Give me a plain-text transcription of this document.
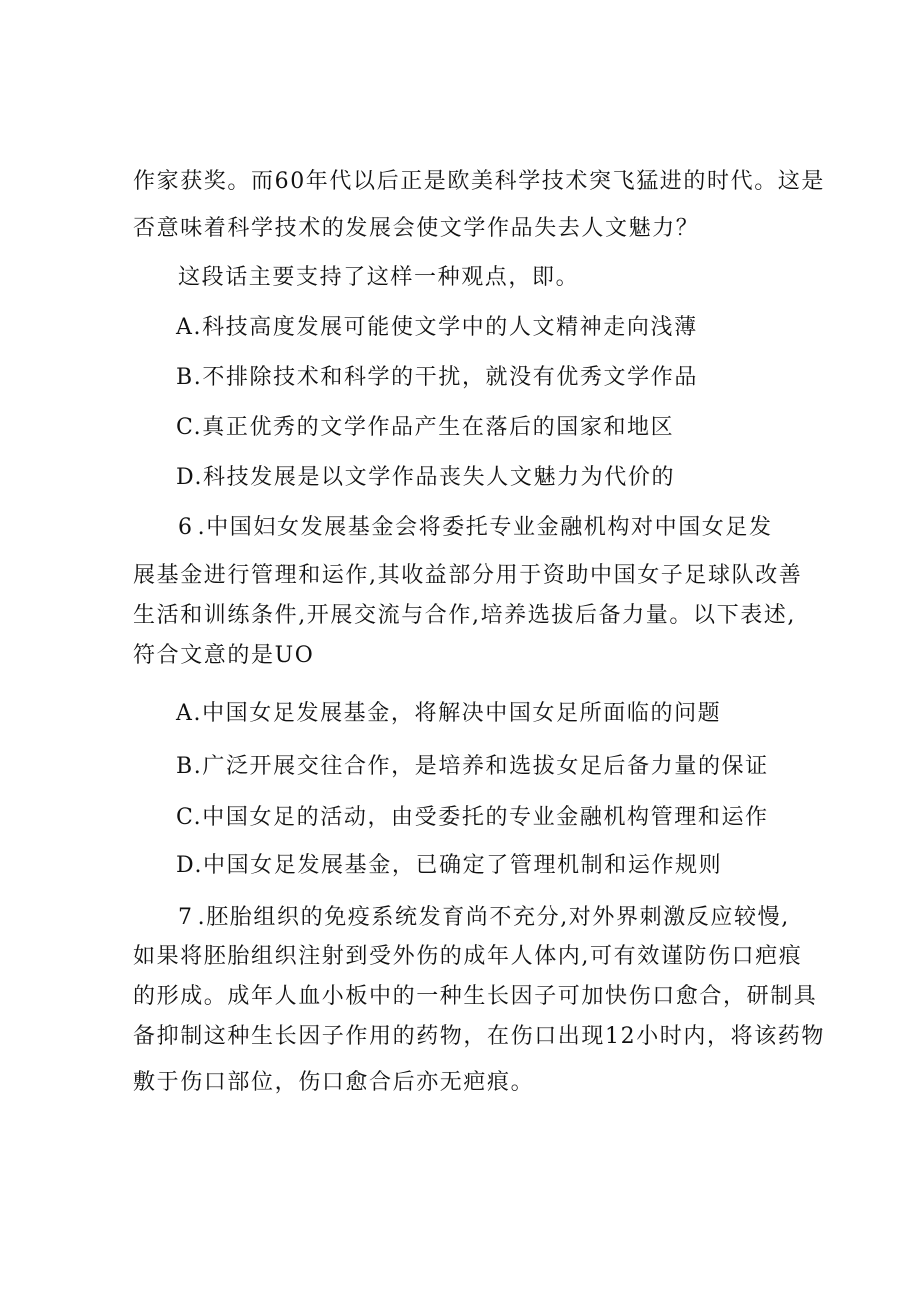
作家获奖。而60年代以后正是欧美科学技术突飞猛进的时代。这是
否意味着科学技术的发展会使文学作品失去人文魅力？
这段话主要支持了这样一种观点，即。
A.科技高度发展可能使文学中的人文精神走向浅薄
B.不排除技术和科学的干扰，就没有优秀文学作品
C.真正优秀的文学作品产生在落后的国家和地区
D.科技发展是以文学作品丧失人文魅力为代价的
6 .中国妇女发展基金会将委托专业金融机构对中国女足发
展基金进行管理和运作,其收益部分用于资助中国女子足球队改善
生活和训练条件,开展交流与合作,培养选拔后备力量。以下表述,
符合文意的是UO
A.中国女足发展基金，将解决中国女足所面临的问题
B.广泛开展交往合作，是培养和选拔女足后备力量的保证
C.中国女足的活动，由受委托的专业金融机构管理和运作
D.中国女足发展基金，已确定了管理机制和运作规则
7 .胚胎组织的免疫系统发育尚不充分,对外界刺激反应较慢,
如果将胚胎组织注射到受外伤的成年人体内,可有效谨防伤口疤痕
的形成。成年人血小板中的一种生长因子可加快伤口愈合，研制具
备抑制这种生长因子作用的药物，在伤口出现12小时内，将该药物
敷于伤口部位，伤口愈合后亦无疤痕。
